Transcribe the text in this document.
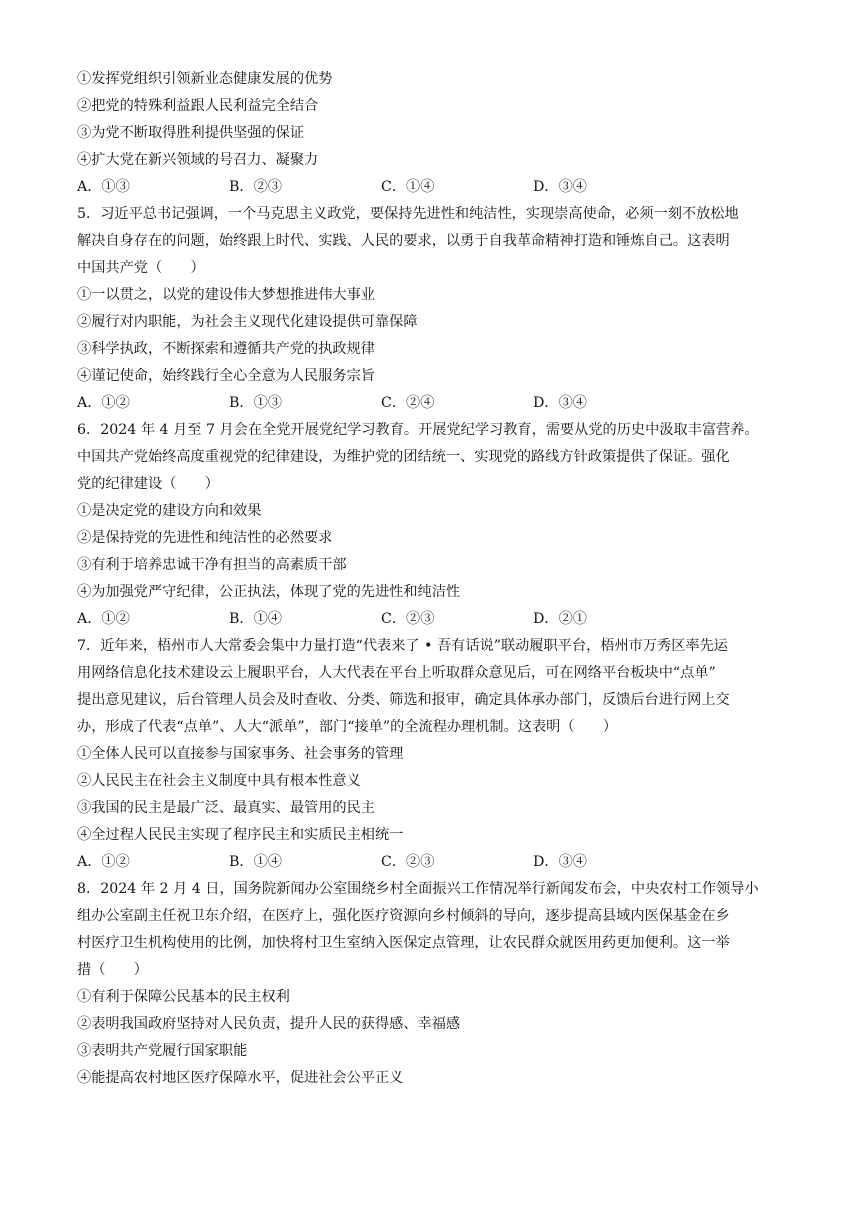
①发挥党组织引领新业态健康发展的优势
②把党的特殊利益跟人民利益完全结合
③为党不断取得胜利提供坚强的保证
④扩大党在新兴领域的号召力、凝聚力
A．①③	B．②③	C．①④	D．③④
5．习近平总书记强调，一个马克思主义政党，要保持先进性和纯洁性，实现崇高使命，必须一刻不放松地
解决自身存在的问题，始终跟上时代、实践、人民的要求，以勇于自我革命精神打造和锤炼自己。这表明
中国共产党（　　）
①一以贯之，以党的建设伟大梦想推进伟大事业
②履行对内职能，为社会主义现代化建设提供可靠保障
③科学执政，不断探索和遵循共产党的执政规律
④谨记使命，始终践行全心全意为人民服务宗旨
A．①②	B．①③	C．②④	D．③④
6．2024 年 4 月至 7 月会在全党开展党纪学习教育。开展党纪学习教育，需要从党的历史中汲取丰富营养。
中国共产党始终高度重视党的纪律建设，为维护党的团结统一、实现党的路线方针政策提供了保证。强化
党的纪律建设（　　）
①是决定党的建设方向和效果
②是保持党的先进性和纯洁性的必然要求
③有利于培养忠诚干净有担当的高素质干部
④为加强党严守纪律，公正执法，体现了党的先进性和纯洁性
A．①②	B．①④	C．②③	D．②①
7．近年来，梧州市人大常委会集中力量打造“代表来了 • 吾有话说”联动履职平台，梧州市万秀区率先运
用网络信息化技术建设云上履职平台，人大代表在平台上听取群众意见后，可在网络平台板块中“点单”
提出意见建议，后台管理人员会及时查收、分类、筛选和报审，确定具体承办部门，反馈后台进行网上交
办，形成了代表“点单”、人大“派单”，部门“接单”的全流程办理机制。这表明（　　）
①全体人民可以直接参与国家事务、社会事务的管理
②人民民主在社会主义制度中具有根本性意义
③我国的民主是最广泛、最真实、最管用的民主
④全过程人民民主实现了程序民主和实质民主相统一
A．①②	B．①④	C．②③	D．③④
8．2024 年 2 月 4 日，国务院新闻办公室围绕乡村全面振兴工作情况举行新闻发布会，中央农村工作领导小
组办公室副主任祝卫东介绍，在医疗上，强化医疗资源向乡村倾斜的导向，逐步提高县域内医保基金在乡
村医疗卫生机构使用的比例，加快将村卫生室纳入医保定点管理，让农民群众就医用药更加便利。这一举
措（　　）
①有利于保障公民基本的民主权利
②表明我国政府坚持对人民负责，提升人民的获得感、幸福感
③表明共产党履行国家职能
④能提高农村地区医疗保障水平，促进社会公平正义
